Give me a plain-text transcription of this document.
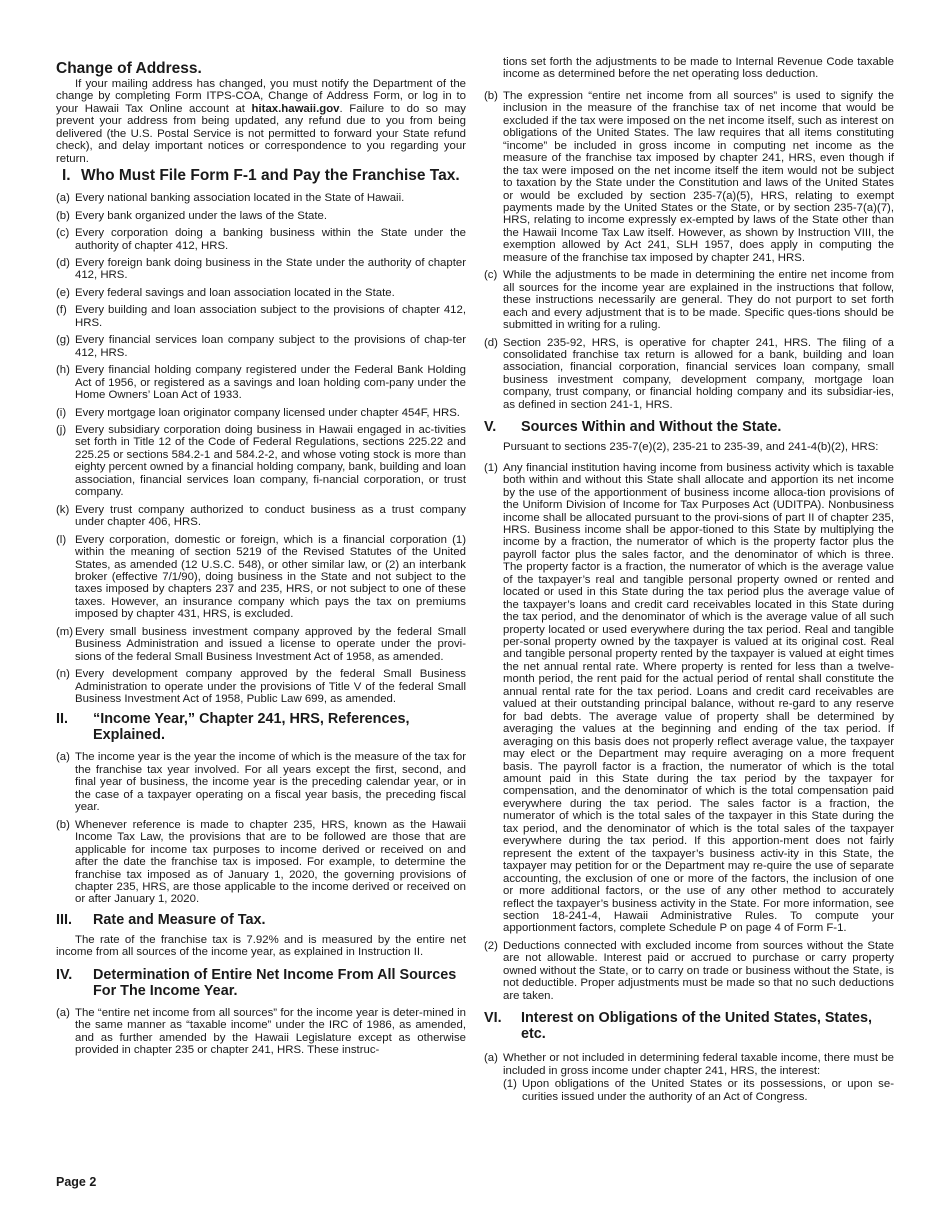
Change of Address.

If your mailing address has changed, you must notify the Department of the change by completing Form ITPS-COA, Change of Address Form, or log in to your Hawaii Tax Online account at hitax.hawaii.gov. Failure to do so may prevent your address from being updated, any refund due to you from being delivered (the U.S. Postal Service is not permitted to forward your State refund check), and delay important notices or correspondence to you regarding your return.

I. Who Must File Form F-1 and Pay the Franchise Tax.
(a) Every national banking association located in the State of Hawaii.
(b) Every bank organized under the laws of the State.
(c) Every corporation doing a banking business within the State under the authority of chapter 412, HRS.
(d) Every foreign bank doing business in the State under the authority of chapter 412, HRS.
(e) Every federal savings and loan association located in the State.
(f) Every building and loan association subject to the provisions of chapter 412, HRS.
(g) Every financial services loan company subject to the provisions of chap-ter 412, HRS.
(h) Every financial holding company registered under the Federal Bank Holding Act of 1956, or registered as a savings and loan holding com-pany under the Home Owners’ Loan Act of 1933.
(i) Every mortgage loan originator company licensed under chapter 454F, HRS.
(j) Every subsidiary corporation doing business in Hawaii engaged in ac-tivities set forth in Title 12 of the Code of Federal Regulations, sections 225.22 and 225.25 or sections 584.2-1 and 584.2-2, and whose voting stock is more than eighty percent owned by a financial holding company, bank, building and loan association, financial services loan company, fi-nancial corporation, or trust company.
(k) Every trust company authorized to conduct business as a trust company under chapter 406, HRS.
(l) Every corporation, domestic or foreign, which is a financial corporation (1) within the meaning of section 5219 of the Revised Statutes of the United States, as amended (12 U.S.C. 548), or other similar law, or (2) an interbank broker (effective 7/1/90), doing business in the State and not subject to the taxes imposed by chapters 237 and 235, HRS, or not subject to one of these taxes. However, an insurance company which pays the tax on premiums imposed by chapter 431, HRS, is excluded.
(m) Every small business investment company approved by the federal Small Business Administration and issued a license to operate under the provi-sions of the federal Small Business Investment Act of 1958, as amended.
(n) Every development company approved by the federal Small Business Administration to operate under the provisions of Title V of the federal Small Business Investment Act of 1958, Public Law 699, as amended.
II.	“Income Year,” Chapter 241, HRS, References, Explained.
(a) The income year is the year the income of which is the measure of the tax for the franchise tax year involved. For all years except the first, second, and final year of business, the income year is the preceding calendar year, or in the case of a taxpayer operating on a fiscal year basis, the preceding fiscal year.
(b) Whenever reference is made to chapter 235, HRS, known as the Hawaii Income Tax Law, the provisions that are to be followed are those that are applicable for income tax purposes to income derived or received on and after the date the franchise tax is imposed. For example, to determine the franchise tax imposed as of January 1, 2020, the governing provisions of chapter 235, HRS, are those applicable to the income derived or received on or after January 1, 2020.
III.	Rate and Measure of Tax.

The rate of the franchise tax is 7.92% and is measured by the entire net income from all sources of the income year, as explained in Instruction II.

IV.	Determination of Entire Net Income From All Sources For The Income Year.
(a) The “entire net income from all sources” for the income year is deter-mined in the same manner as “taxable income” under the IRC of 1986, as amended, and as further amended by the Hawaii Legislature except as otherwise provided in chapter 235 or chapter 241, HRS. These instruc-

tions set forth the adjustments to be made to Internal Revenue Code taxable income as determined before the net operating loss deduction.

(b) The expression “entire net income from all sources” is used to signify the inclusion in the measure of the franchise tax of net income that would be excluded if the tax were imposed on the net income itself, such as interest on obligations of the United States. The law requires that all items constituting “income” be included in gross income in computing net income as the measure of the franchise tax imposed by chapter 241, HRS, even though if the tax were imposed on the net income itself the item would not be subject to taxation by the State under the Constitution and laws of the United States or would be excluded by section 235-7(a)(5), HRS, relating to exempt payments made by the United States or the State, or by section 235-7(a)(7), HRS, relating to income expressly ex-empted by laws of the State other than the Hawaii Income Tax Law itself. However, as shown by Instruction VIII, the exemption allowed by Act 241, SLH 1957, does apply in computing the measure of the franchise tax imposed by chapter 241, HRS.
(c) While the adjustments to be made in determining the entire net income from all sources for the income year are explained in the instructions that follow, these instructions necessarily are general. They do not purport to set forth each and every adjustment that is to be made. Specific ques-tions should be submitted in writing for a ruling.
(d) Section 235-92, HRS, is operative for chapter 241, HRS. The filing of a consolidated franchise tax return is allowed for a bank, building and loan association, financial corporation, financial services loan company, small business investment company, development company, mortgage loan company, trust company, or financial holding company and its subsidiar-ies, as defined in section 241-1, HRS.
V.	Sources Within and Without the State.

Pursuant to sections 235-7(e)(2), 235-21 to 235-39, and 241-4(b)(2), HRS:

(1) Any financial institution having income from business activity which is taxable both within and without this State shall allocate and apportion its net income by the use of the apportionment of business income alloca-tion provisions of the Uniform Division of Income for Tax Purposes Act (UDITPA). Nonbusiness income shall be allocated pursuant to the provi-sions of part II of chapter 235, HRS. Business income shall be appor-tioned to this State by multiplying the income by a fraction, the numerator of which is the property factor plus the payroll factor plus the sales factor, and the denominator of which is three. The property factor is a fraction, the numerator of which is the average value of the taxpayer’s real and tangible personal property owned or rented and located or used in this State during the tax period plus the average value of the taxpayer’s loans and credit card receivables located in this State during the tax period, and the denominator of which is the average value of all such property located or used everywhere during the tax period. Real and tangible per-sonal property owned by the taxpayer is valued at its original cost. Real and tangible personal property rented by the taxpayer is valued at eight times the net annual rental rate. Where property is rented for less than a twelve-month period, the rent paid for the actual period of rental shall constitute the annual rental rate for the tax period. Loans and credit card receivables are valued at their outstanding principal balance, without re-gard to any reserve for bad debts. The average value of property shall be determined by averaging the values at the beginning and ending of the tax period. If averaging on this basis does not properly reflect average value, the taxpayer may elect or the Department may require averaging on a more frequent basis. The payroll factor is a fraction, the numerator of which is the total amount paid in this State during the tax period by the taxpayer for compensation, and the denominator of which is the total compensation paid everywhere during the tax period. The sales factor is a fraction, the numerator of which is the total sales of the taxpayer in this State during the tax period, and the denominator of which is the total sales of the taxpayer everywhere during the tax period. If this apportion-ment does not fairly represent the extent of the taxpayer’s business activ-ity in this State, the taxpayer may petition for or the Department may re-quire the use of separate accounting, the exclusion of one or more of the factors, the inclusion of one or more additional factors, or the use of any other method to accurately reflect the taxpayer’s business activity in the State. For more information, see section 18-241-4, Hawaii Administrative Rules. To compute your apportionment factors, complete Schedule P on page 4 of Form F-1.
(2) Deductions connected with excluded income from sources without the State are not allowable. Interest paid or accrued to purchase or carry property owned without the State, or to carry on trade or business without the State, is not deductible. Proper adjustments must be made so that no such deductions are taken.
VI.	Interest on Obligations of the United States, States, etc.
(a) Whether or not included in determining federal taxable income, there must be included in gross income under chapter 241, HRS, the interest:
(1) Upon obligations of the United States or its possessions, or upon se-curities issued under the authority of an Act of Congress.
Page 2
